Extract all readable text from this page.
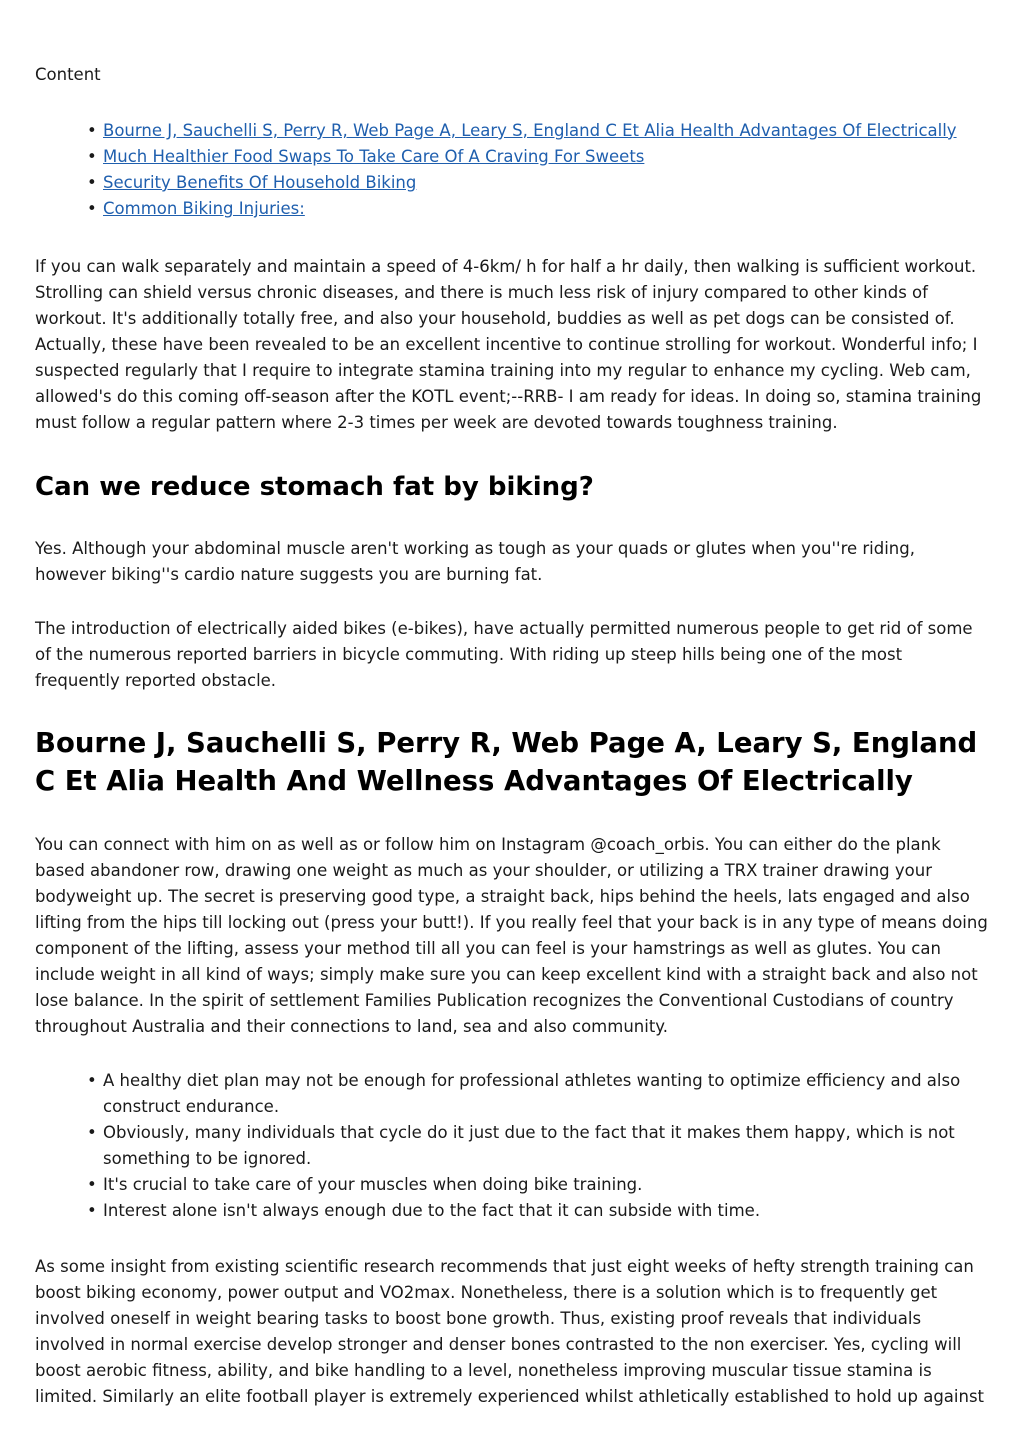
Content

• Bourne J, Sauchelli S, Perry R, Web Page A, Leary S, England C Et Alia Health Advantages Of Electrically
• Much Healthier Food Swaps To Take Care Of A Craving For Sweets
• Security Benefits Of Household Biking
• Common Biking Injuries:

If you can walk separately and maintain a speed of 4-6km/ h for half a hr daily, then walking is sufficient workout. Strolling can shield versus chronic diseases, and there is much less risk of injury compared to other kinds of workout. It's additionally totally free, and also your household, buddies as well as pet dogs can be consisted of. Actually, these have been revealed to be an excellent incentive to continue strolling for workout. Wonderful info; I suspected regularly that I require to integrate stamina training into my regular to enhance my cycling. Web cam, allowed's do this coming off-season after the KOTL event;--RRB- I am ready for ideas. In doing so, stamina training must follow a regular pattern where 2-3 times per week are devoted towards toughness training.

Can we reduce stomach fat by biking?

Yes. Although your abdominal muscle aren't working as tough as your quads or glutes when you''re riding, however biking''s cardio nature suggests you are burning fat.

The introduction of electrically aided bikes (e-bikes), have actually permitted numerous people to get rid of some of the numerous reported barriers in bicycle commuting. With riding up steep hills being one of the most frequently reported obstacle.

Bourne J, Sauchelli S, Perry R, Web Page A, Leary S, England C Et Alia Health And Wellness Advantages Of Electrically

You can connect with him on as well as or follow him on Instagram @coach_orbis. You can either do the plank based abandoner row, drawing one weight as much as your shoulder, or utilizing a TRX trainer drawing your bodyweight up. The secret is preserving good type, a straight back, hips behind the heels, lats engaged and also lifting from the hips till locking out (press your butt!). If you really feel that your back is in any type of means doing component of the lifting, assess your method till all you can feel is your hamstrings as well as glutes. You can include weight in all kind of ways; simply make sure you can keep excellent kind with a straight back and also not lose balance. In the spirit of settlement Families Publication recognizes the Conventional Custodians of country throughout Australia and their connections to land, sea and also community.

• A healthy diet plan may not be enough for professional athletes wanting to optimize efficiency and also construct endurance.
• Obviously, many individuals that cycle do it just due to the fact that it makes them happy, which is not something to be ignored.
• It's crucial to take care of your muscles when doing bike training.
• Interest alone isn't always enough due to the fact that it can subside with time.

As some insight from existing scientific research recommends that just eight weeks of hefty strength training can boost biking economy, power output and VO2max. Nonetheless, there is a solution which is to frequently get involved oneself in weight bearing tasks to boost bone growth. Thus, existing proof reveals that individuals involved in normal exercise develop stronger and denser bones contrasted to the non exerciser. Yes, cycling will boost aerobic fitness, ability, and bike handling to a level, nonetheless improving muscular tissue stamina is limited. Similarly an elite football player is extremely experienced whilst athletically established to hold up against
